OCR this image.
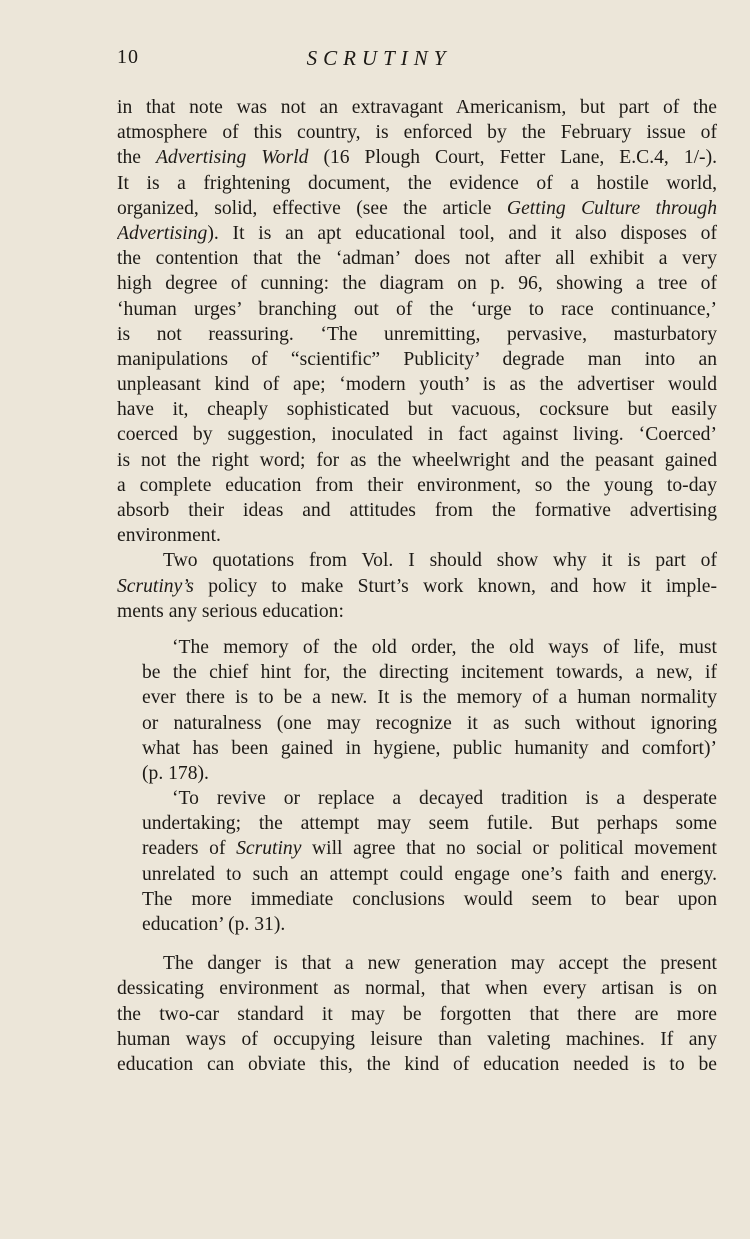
10	SCRUTINY
in that note was not an extravagant Americanism, but part of the
atmosphere of this country, is enforced by the February issue of
the Advertising World (16 Plough Court, Fetter Lane, E.C.4, 1/-).
It is a frightening document, the evidence of a hostile world,
organized, solid, effective (see the article Getting Culture through
Advertising). It is an apt educational tool, and it also disposes of
the contention that the ‘adman’ does not after all exhibit a very
high degree of cunning: the diagram on p. 96, showing a tree of
‘human urges’ branching out of the ‘urge to race continuance,’
is not reassuring. ‘The unremitting, pervasive, masturbatory
manipulations of “scientific” Publicity’ degrade man into an
unpleasant kind of ape; ‘modern youth’ is as the advertiser would
have it, cheaply sophisticated but vacuous, cocksure but easily
coerced by suggestion, inoculated in fact against living. ‘Coerced’
is not the right word; for as the wheelwright and the peasant gained
a complete education from their environment, so the young to-day
absorb their ideas and attitudes from the formative advertising
environment.
Two quotations from Vol. I should show why it is part of
Scrutiny’s policy to make Sturt’s work known, and how it imple-
ments any serious education:
‘The memory of the old order, the old ways of life, must
be the chief hint for, the directing incitement towards, a new, if
ever there is to be a new. It is the memory of a human normality
or naturalness (one may recognize it as such without ignoring
what has been gained in hygiene, public humanity and comfort)’
(p. 178).
‘To revive or replace a decayed tradition is a desperate
undertaking; the attempt may seem futile. But perhaps some
readers of Scrutiny will agree that no social or political movement
unrelated to such an attempt could engage one’s faith and energy.
The more immediate conclusions would seem to bear upon
education’ (p. 31).
The danger is that a new generation may accept the present
dessicating environment as normal, that when every artisan is on
the two-car standard it may be forgotten that there are more
human ways of occupying leisure than valeting machines. If any
education can obviate this, the kind of education needed is to be
